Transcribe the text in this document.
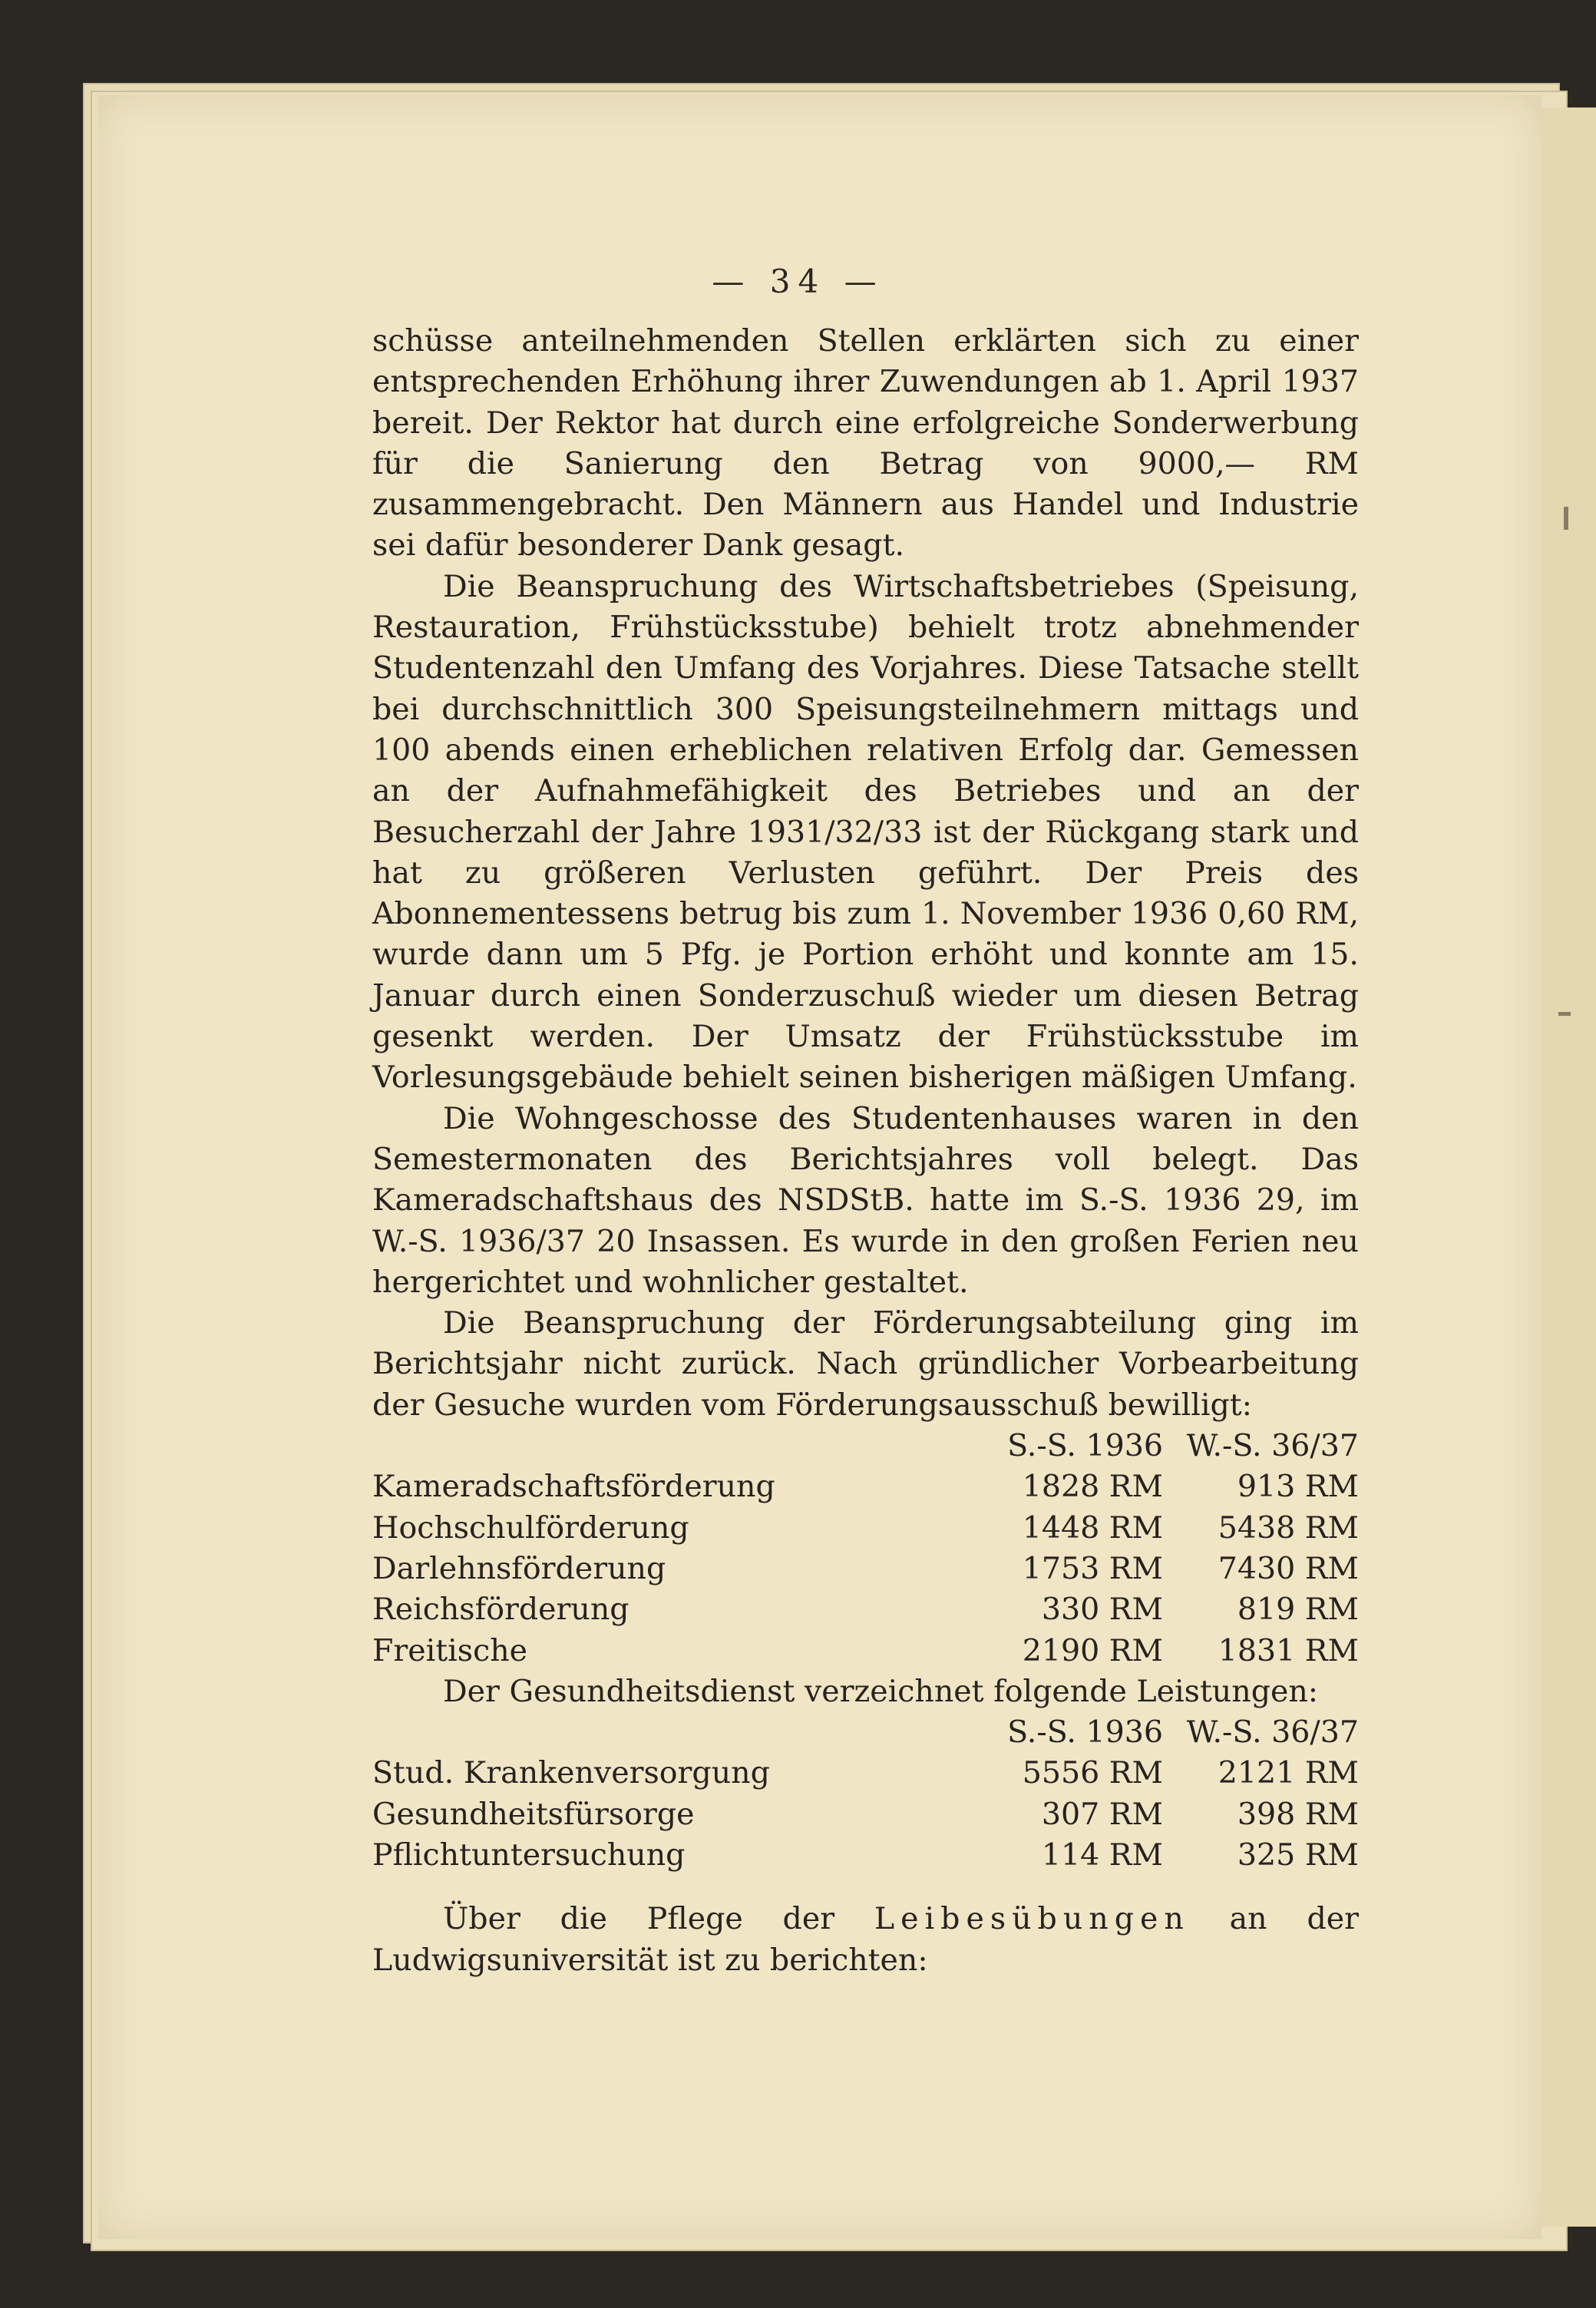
— 34 —

schüsse anteilnehmenden Stellen erklärten sich zu einer entsprechenden Erhöhung ihrer Zuwendungen ab 1. April 1937 bereit. Der Rektor hat durch eine erfolgreiche Sonderwerbung für die Sanierung den Betrag von 9000,— RM zusammengebracht. Den Männern aus Handel und Industrie sei dafür besonderer Dank gesagt.

Die Beanspruchung des Wirtschaftsbetriebes (Speisung, Restauration, Frühstücksstube) behielt trotz abnehmender Studentenzahl den Umfang des Vorjahres. Diese Tatsache stellt bei durchschnittlich 300 Speisungsteilnehmern mittags und 100 abends einen erheblichen relativen Erfolg dar. Gemessen an der Aufnahmefähigkeit des Betriebes und an der Besucherzahl der Jahre 1931/32/33 ist der Rückgang stark und hat zu größeren Verlusten geführt. Der Preis des Abonnementessens betrug bis zum 1. November 1936 0,60 RM, wurde dann um 5 Pfg. je Portion erhöht und konnte am 15. Januar durch einen Sonderzuschuß wieder um diesen Betrag gesenkt werden. Der Umsatz der Frühstücksstube im Vorlesungsgebäude behielt seinen bisherigen mäßigen Umfang.

Die Wohngeschosse des Studentenhauses waren in den Semestermonaten des Berichtsjahres voll belegt. Das Kameradschaftshaus des NSDStB. hatte im S.-S. 1936 29, im W.-S. 1936/37 20 Insassen. Es wurde in den großen Ferien neu hergerichtet und wohnlicher gestaltet.

Die Beanspruchung der Förderungsabteilung ging im Berichtsjahr nicht zurück. Nach gründlicher Vorbearbeitung der Gesuche wurden vom Förderungsausschuß bewilligt:

S.-S. 1936 W.-S. 36/37
Kameradschaftsförderung	1828 RM	913 RM
Hochschulförderung	1448 RM	5438 RM
Darlehnsförderung	1753 RM	7430 RM
Reichsförderung	330 RM	819 RM
Freitische	2190 RM	1831 RM

Der Gesundheitsdienst verzeichnet folgende Leistungen:

S.-S. 1936 W.-S. 36/37
Stud. Krankenversorgung	5556 RM	2121 RM
Gesundheitsfürsorge	307 RM	398 RM
Pflichtuntersuchung	114 RM	325 RM

Über die Pflege der Leibesübungen an der Ludwigsuniversität ist zu berichten:
